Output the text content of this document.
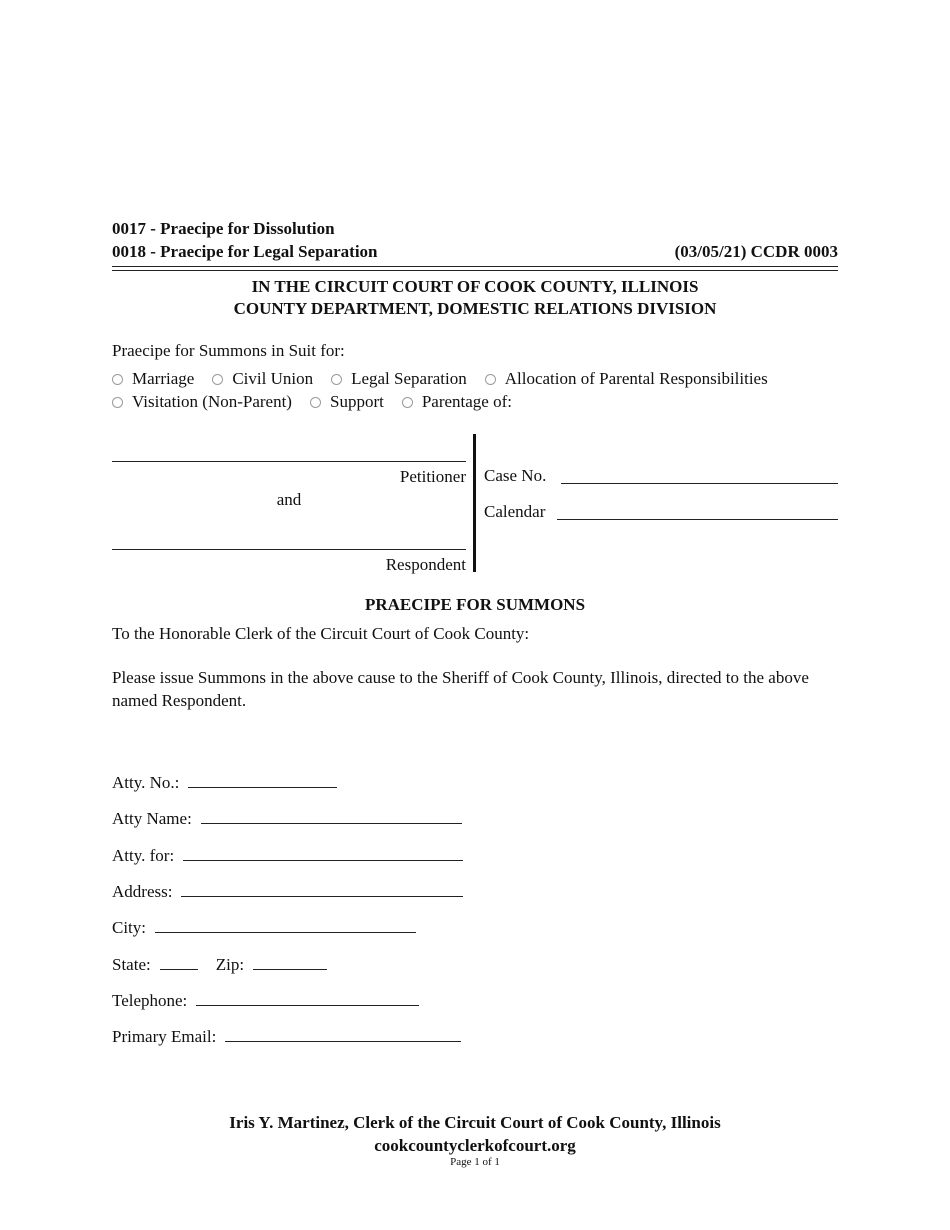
0017 - Praecipe for Dissolution
0018 - Praecipe for Legal Separation	(03/05/21) CCDR 0003
IN THE CIRCUIT COURT OF COOK COUNTY, ILLINOIS
COUNTY DEPARTMENT, DOMESTIC RELATIONS DIVISION
Praecipe for Summons in Suit for:
Marriage Civil Union Legal Separation Allocation of Parental Responsibilities
Visitation (Non-Parent) Support Parentage of:
Petitioner
and
Respondent
Case No.
Calendar
PRAECIPE FOR SUMMONS
To the Honorable Clerk of the Circuit Court of Cook County:
Please issue Summons in the above cause to the Sheriff of Cook County, Illinois, directed to the above named Respondent.
Atty. No.:
Atty Name:
Atty. for:
Address:
City:
State:	Zip:
Telephone:
Primary Email:
Iris Y. Martinez, Clerk of the Circuit Court of Cook County, Illinois
cookcountyclerkofcourt.org
Page 1 of 1
